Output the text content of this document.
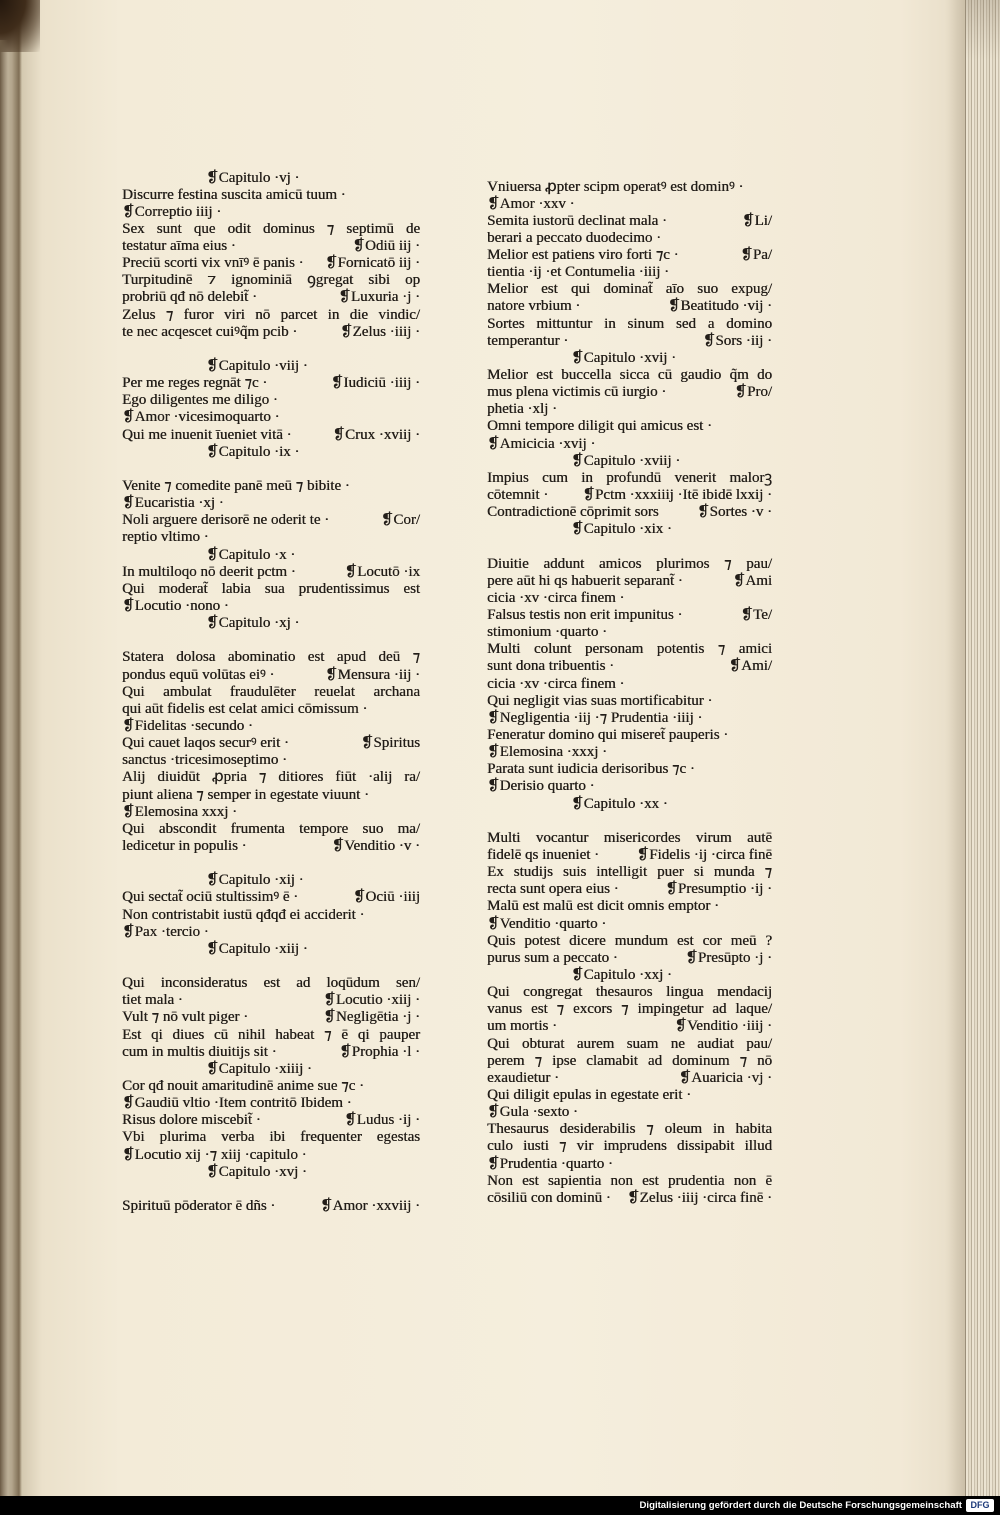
❡Capitulo ·vj ·
Discurre festina suscita amicū tuum ·
❡Correptio iiij ·
Sex sunt que odit dominus ⁊ septimū de
testatur aīma eius ·	❡Odiū iij ·
Preciū scorti vix vnīꝰ ē panis ·	❡Fornicatō iij ·
Turpitudinē ⁊ ignominiā ꝯgregat sibi op
probriū qđ nō delebit̃ ·	❡Luxuria ·j ·
Zelus ⁊ furor viri nō parcet in die vindic/
te nec acqescet cuiꝰq̃m pcib ·	❡Zelus ·iiij ·
❡Capitulo ·viij ·
Per me reges regnāt ⁊c ·	❡Iudiciū ·iiij ·
Ego diligentes me diligo ·
❡Amor ·vicesimoquarto ·
Qui me inuenit īueniet vitā ·	❡Crux ·xviij ·
❡Capitulo ·ix ·
Venite ⁊ comedite panē meū ⁊ bibite ·
❡Eucaristia ·xj ·
Noli arguere derisorē ne oderit te ·	❡Cor/
reptio vltimo ·
❡Capitulo ·x ·
In multiloqo nō deerit pctm ·	❡Locutō ·ix
Qui moderat̃ labia sua prudentissimus est
❡Locutio ·nono ·
❡Capitulo ·xj ·
Statera dolosa abominatio est apud deū ⁊
pondus equū volūtas eiꝰ ·	❡Mensura ·iij ·
Qui ambulat fraudulēter reuelat archana
qui aūt fidelis est celat amici cōmissum ·
❡Fidelitas ·secundo ·
Qui cauet laqos securꝰ erit ·	❡Spiritus
sanctus ·tricesimoseptimo ·
Alij diuidūt ꝓpria ⁊ ditiores fiūt ·alij ra/
piunt aliena ⁊ semper in egestate viuunt ·
❡Elemosina xxxj ·
Qui abscondit frumenta tempore suo ma/
ledicetur in populis ·	❡Venditio ·v ·
❡Capitulo ·xij ·
Qui sectat̃ ociū stultissimꝰ ē ·	❡Ociū ·iiij
Non contristabit iustū qđqđ ei acciderit ·
❡Pax ·tercio ·
❡Capitulo ·xiij ·
Qui inconsideratus est ad loqūdum sen/
tiet mala ·	❡Locutio ·xiij ·
Vult ⁊ nō vult piger ·	❡Negligētia ·j ·
Est qi diues cū nihil habeat ⁊ ē qi pauper
cum in multis diuitijs sit ·	❡Prophia ·l ·
❡Capitulo ·xiiij ·
Cor qđ nouit amaritudinē anime sue ⁊c ·
❡Gaudiū vltio ·Item contritō Ibidem ·
Risus dolore miscebit̃ ·	❡Ludus ·ij ·
Vbi plurima verba ibi frequenter egestas
❡Locutio xij ·⁊ xiij ·capitulo ·
❡Capitulo ·xvj ·
Spirituū pōderator ē dñs ·	❡Amor ·xxviij ·
Vniuersa ꝓpter scipm operatꝰ est dominꝰ ·
❡Amor ·xxv ·
Semita iustorū declinat mala ·	❡Li/
berari a peccato duodecimo ·
Melior est patiens viro forti ⁊c ·	❡Pa/
tientia ·ij ·et Contumelia ·iiij ·
Melior est qui dominat̃ aīo suo expug/
natore vrbium ·	❡Beatitudo ·vij ·
Sortes mittuntur in sinum sed a domino
temperantur ·	❡Sors ·iij ·
❡Capitulo ·xvij ·
Melior est buccella sicca cū gaudio q̃m do
mus plena victimis cū iurgio ·	❡Pro/
phetia ·xlj ·
Omni tempore diligit qui amicus est ·
❡Amicicia ·xvij ·
❡Capitulo ·xviij ·
Impius cum in profundū venerit malorꝫ
cōtemnit ·	❡Pctm ·xxxiiij ·Itē ibidē lxxij ·
Contradictionē cōprimit sors	❡Sortes ·v ·
❡Capitulo ·xix ·
Diuitie addunt amicos plurimos ⁊ pau/
pere aūt hi qs habuerit separant̃ ·	❡Ami
cicia ·xv ·circa finem ·
Falsus testis non erit impunitus ·	❡Te/
stimonium ·quarto ·
Multi colunt personam potentis ⁊ amici
sunt dona tribuentis ·	❡Ami/
cicia ·xv ·circa finem ·
Qui negligit vias suas mortificabitur ·
❡Negligentia ·iij ·⁊ Prudentia ·iiij ·
Feneratur domino qui miseret̃ pauperis ·
❡Elemosina ·xxxj ·
Parata sunt iudicia derisoribus ⁊c ·
❡Derisio quarto ·
❡Capitulo ·xx ·
Multi vocantur misericordes virum autē
fidelē qs inueniet ·	❡Fidelis ·ij ·circa finē
Ex studijs suis intelligit puer si munda ⁊
recta sunt opera eius ·	❡Presumptio ·ij ·
Malū est malū est dicit omnis emptor ·
❡Venditio ·quarto ·
Quis potest dicere mundum est cor meū ?
purus sum a peccato ·	❡Presūpto ·j ·
❡Capitulo ·xxj ·
Qui congregat thesauros lingua mendacij
vanus est ⁊ excors ⁊ impingetur ad laque/
um mortis ·	❡Venditio ·iiij ·
Qui obturat aurem suam ne audiat pau/
perem ⁊ ipse clamabit ad dominum ⁊ nō
exaudietur ·	❡Auaricia ·vj ·
Qui diligit epulas in egestate erit ·
❡Gula ·sexto ·
Thesaurus desiderabilis ⁊ oleum in habita
culo iusti ⁊ vir imprudens dissipabit illud
❡Prudentia ·quarto ·
Non est sapientia non est prudentia non ē
cōsiliū con dominū ·	❡Zelus ·iiij ·circa finē ·
Digitalisierung gefördert durch die Deutsche Forschungsgemeinschaft DFG
